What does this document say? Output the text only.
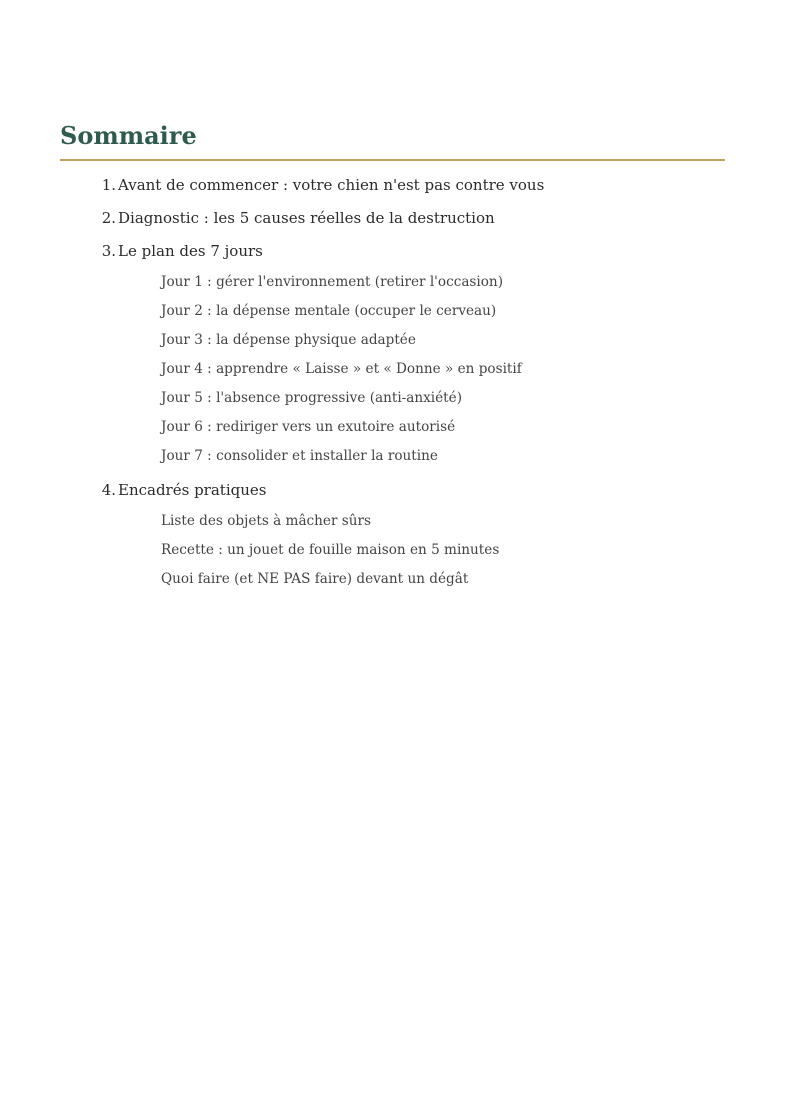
Sommaire
1. Avant de commencer : votre chien n'est pas contre vous
2. Diagnostic : les 5 causes réelles de la destruction
3. Le plan des 7 jours
Jour 1 : gérer l'environnement (retirer l'occasion)
Jour 2 : la dépense mentale (occuper le cerveau)
Jour 3 : la dépense physique adaptée
Jour 4 : apprendre « Laisse » et « Donne » en positif
Jour 5 : l'absence progressive (anti-anxiété)
Jour 6 : rediriger vers un exutoire autorisé
Jour 7 : consolider et installer la routine
4. Encadrés pratiques
Liste des objets à mâcher sûrs
Recette : un jouet de fouille maison en 5 minutes
Quoi faire (et NE PAS faire) devant un dégât
